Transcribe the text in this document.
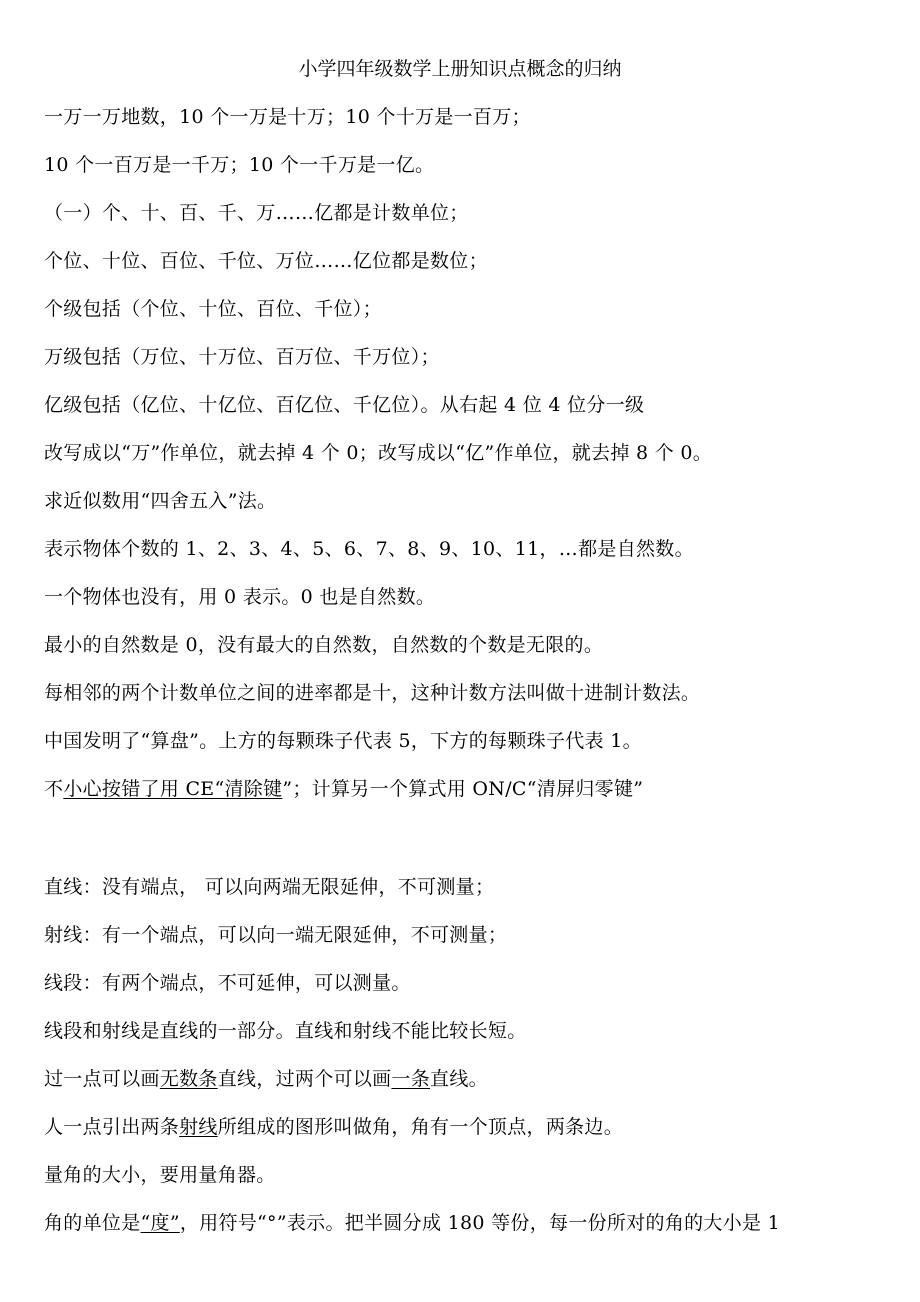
小学四年级数学上册知识点概念的归纳
一万一万地数，10 个一万是十万；10 个十万是一百万；
10 个一百万是一千万；10 个一千万是一亿。
（一）个、十、百、千、万……亿都是计数单位；
个位、十位、百位、千位、万位……亿位都是数位；
个级包括（个位、十位、百位、千位）；
万级包括（万位、十万位、百万位、千万位）；
亿级包括（亿位、十亿位、百亿位、千亿位）。从右起 4 位 4 位分一级
改写成以“万”作单位，就去掉 4 个 0；改写成以“亿”作单位，就去掉 8 个 0。
求近似数用“四舍五入”法。
表示物体个数的 1、2、3、4、5、6、7、8、9、10、11，…都是自然数。
一个物体也没有，用 0 表示。0 也是自然数。
最小的自然数是 0，没有最大的自然数，自然数的个数是无限的。
每相邻的两个计数单位之间的进率都是十，这种计数方法叫做十进制计数法。
中国发明了“算盘”。上方的每颗珠子代表 5，下方的每颗珠子代表 1。
不小心按错了用 CE“清除键”；计算另一个算式用 ON/C“清屏归零键”
直线：没有端点， 可以向两端无限延伸，不可测量；
射线：有一个端点，可以向一端无限延伸，不可测量；
线段：有两个端点，不可延伸，可以测量。
线段和射线是直线的一部分。直线和射线不能比较长短。
过一点可以画无数条直线，过两个可以画一条直线。
人一点引出两条射线所组成的图形叫做角，角有一个顶点，两条边。
量角的大小，要用量角器。
角的单位是“度”，用符号“°”表示。把半圆分成 180 等份，每一份所对的角的大小是 1
